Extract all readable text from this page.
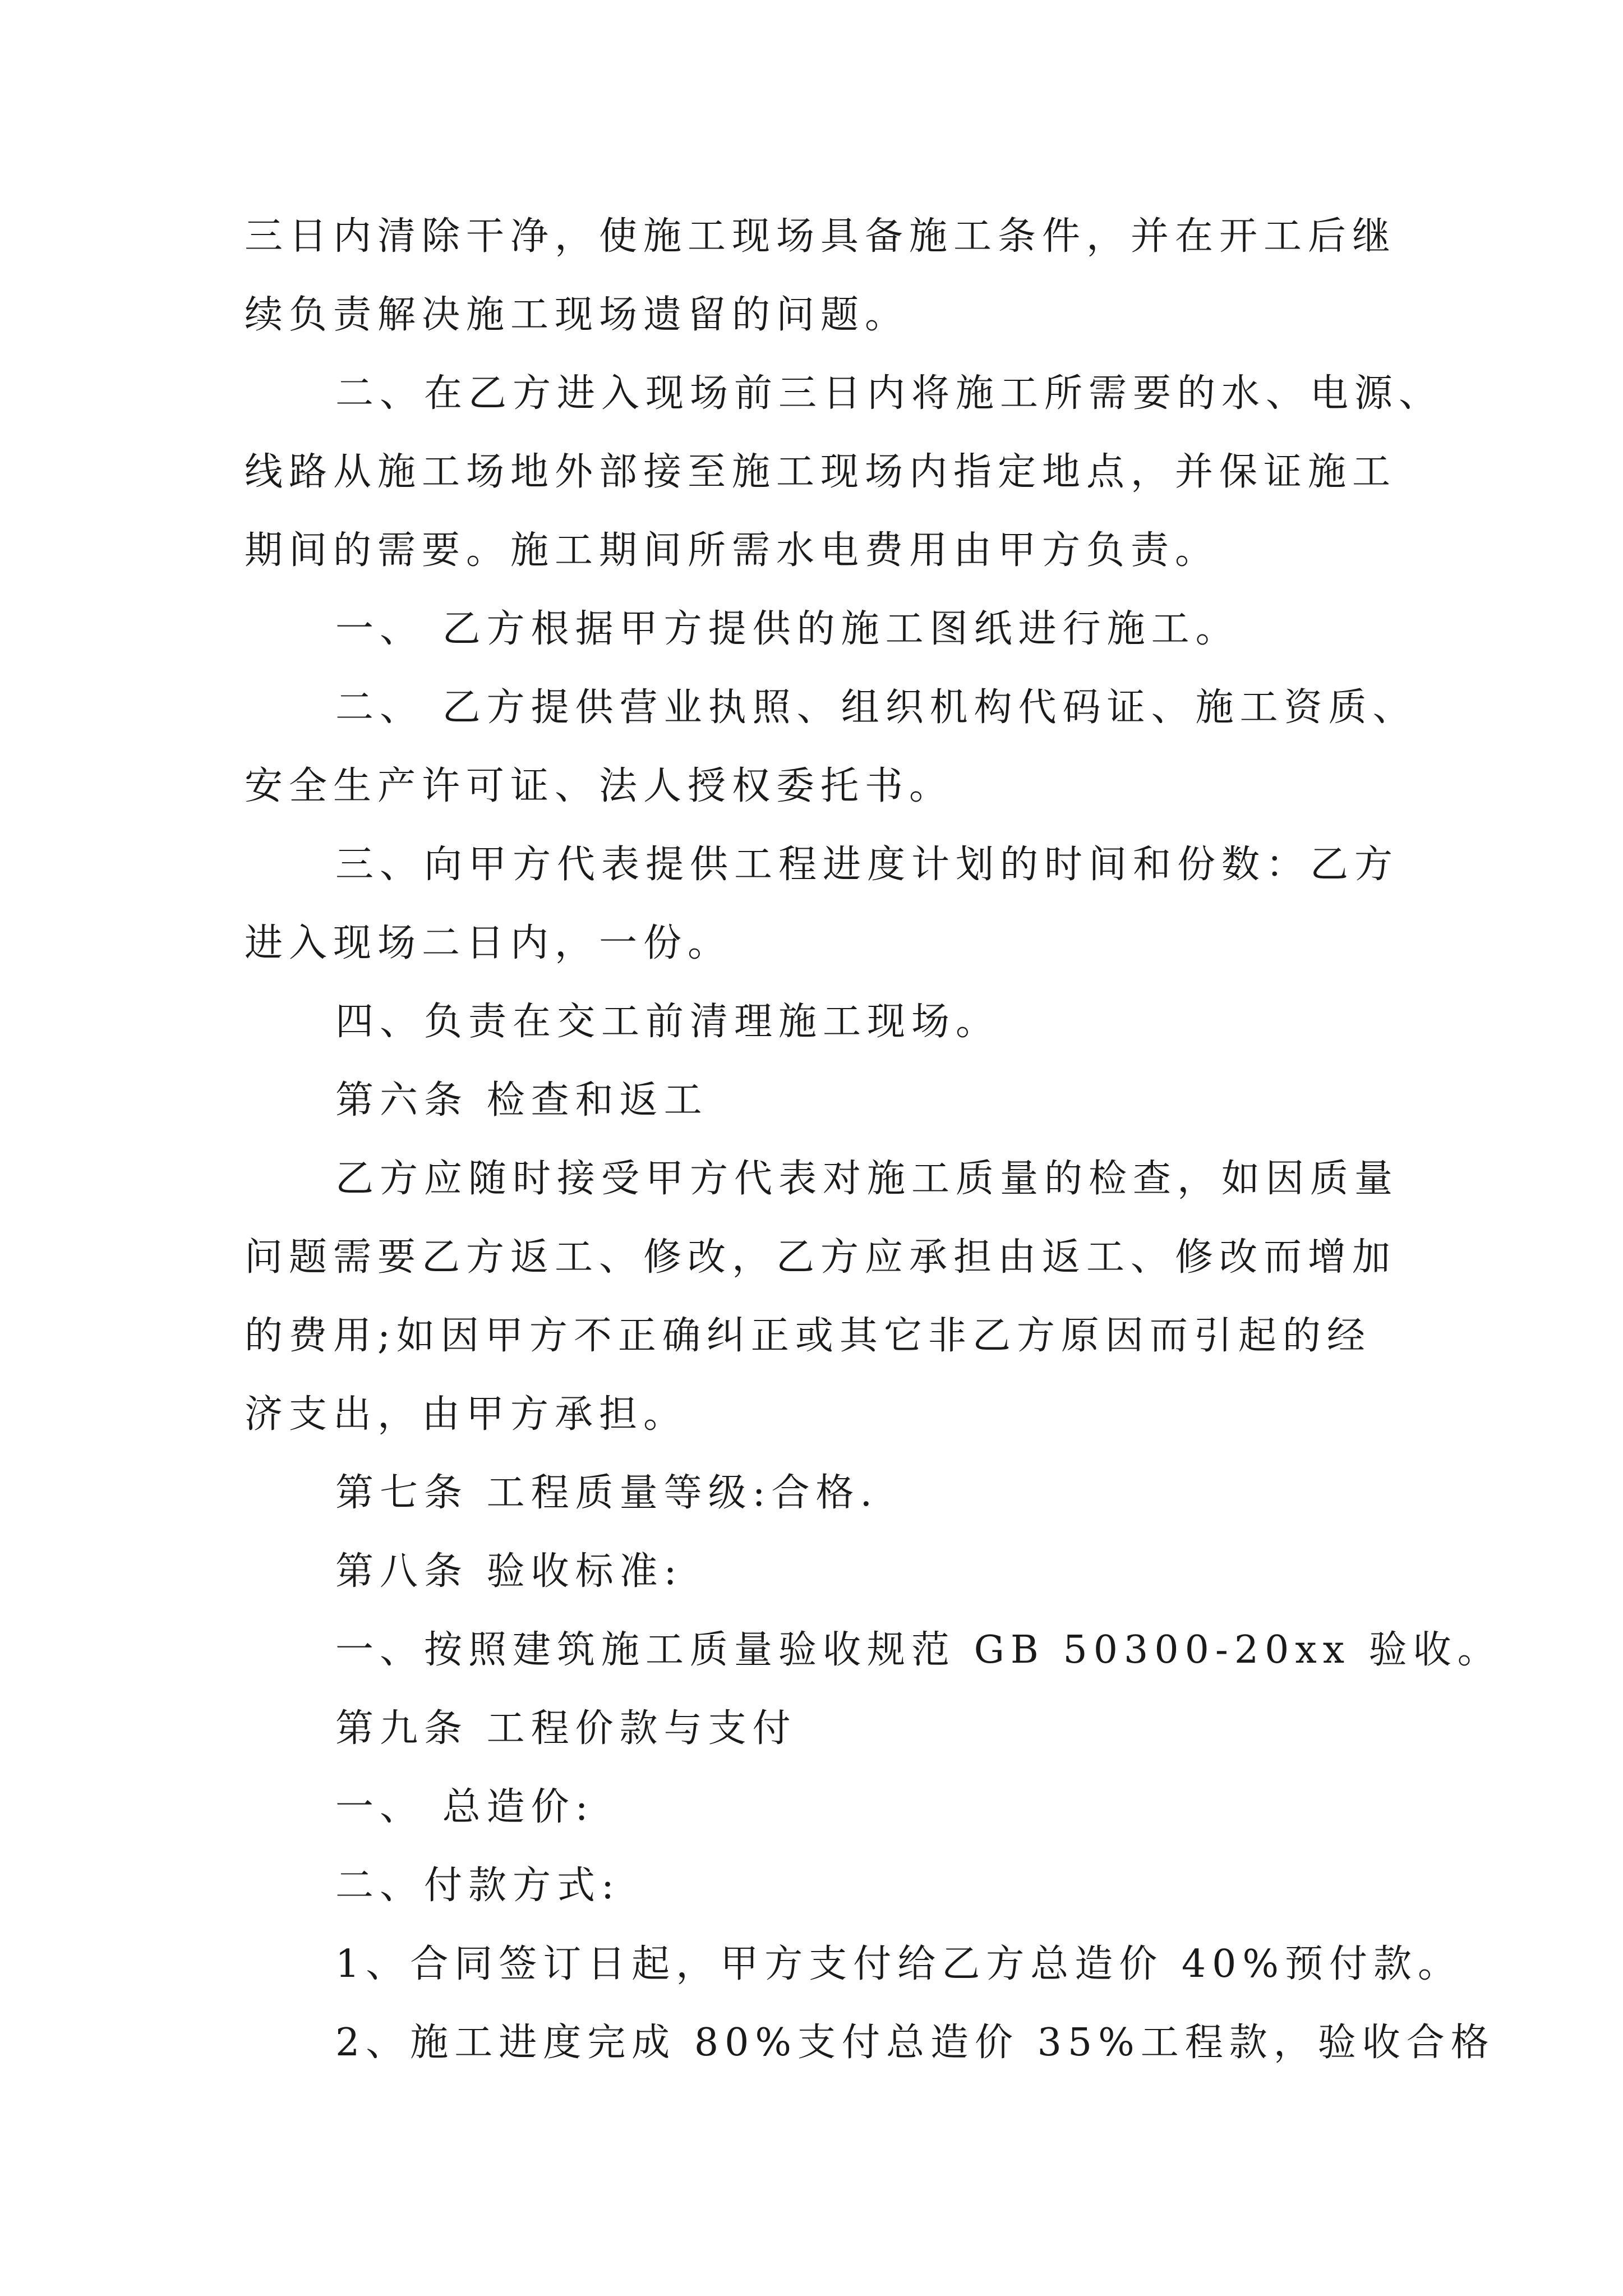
三日内清除干净，使施工现场具备施工条件，并在开工后继
续负责解决施工现场遗留的问题。
二、在乙方进入现场前三日内将施工所需要的水、电源、
线路从施工场地外部接至施工现场内指定地点，并保证施工
期间的需要。施工期间所需水电费用由甲方负责。
一、 乙方根据甲方提供的施工图纸进行施工。
二、 乙方提供营业执照、组织机构代码证、施工资质、
安全生产许可证、法人授权委托书。
三、向甲方代表提供工程进度计划的时间和份数：乙方
进入现场二日内，一份。
四、负责在交工前清理施工现场。
第六条 检查和返工
乙方应随时接受甲方代表对施工质量的检查，如因质量
问题需要乙方返工、修改，乙方应承担由返工、修改而增加
的费用;如因甲方不正确纠正或其它非乙方原因而引起的经
济支出，由甲方承担。
第七条 工程质量等级:合格.
第八条 验收标准:
一、按照建筑施工质量验收规范 GB 50300-20xx 验收。
第九条 工程价款与支付
一、 总造价:
二、付款方式:
1、合同签订日起，甲方支付给乙方总造价 40%预付款。
2、施工进度完成 80%支付总造价 35%工程款，验收合格
